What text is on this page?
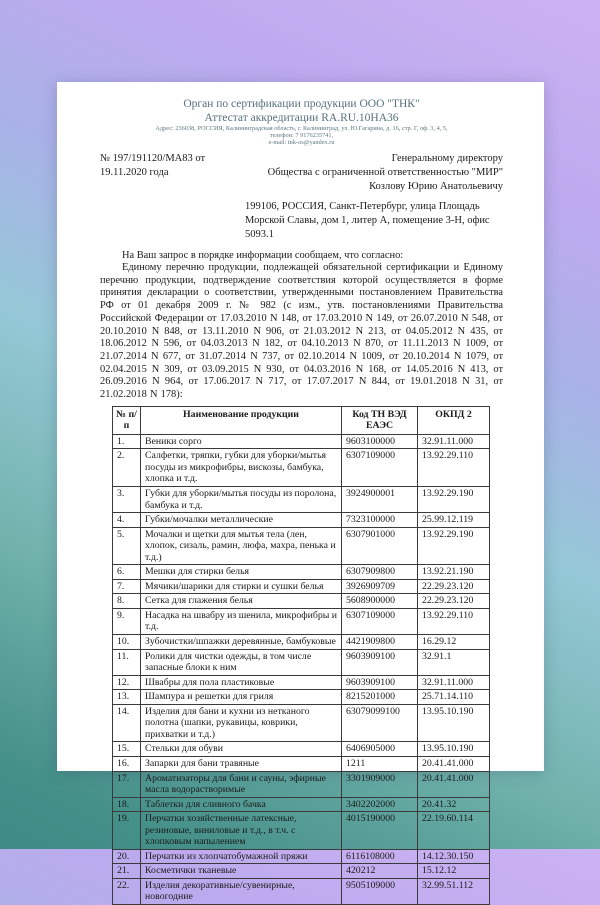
Орган по сертификации продукции ООО "ТНК"
Аттестат аккредитации RA.RU.10НА36
Адрес: 236038, РОССИЯ, Калининградская область, г. Калининград, ул. Ю.Гагарина, д. 16, стр. Г, оф. 3, 4, 5,
телефон: 7 9176235741,
e-mail: tnk-os@yandex.ru
№ 197/191120/МА83 от
19.11.2020 года
Генеральному директору
Общества с ограниченной ответственностью "МИР"
Козлову Юрию Анатольевичу
199106, РОССИЯ, Санкт-Петербург, улица Площадь Морской Славы, дом 1, литер А, помещение 3-Н, офис 5093.1

На Ваш запрос в порядке информации сообщаем, что согласно:

Единому перечню продукции, подлежащей обязательной сертификации и Единому перечню продукции, подтверждение соответствия которой осуществляется в форме принятия декларации о соответствии, утвержденными постановлением Правительства РФ от 01 декабря 2009 г. № 982 (с изм., утв. постановлениями Правительства Российской Федерации от 17.03.2010 N 148, от 17.03.2010 N 149, от 26.07.2010 N 548, от 20.10.2010 N 848, от 13.11.2010 N 906, от 21.03.2012 N 213, от 04.05.2012 N 435, от 18.06.2012 N 596, от 04.03.2013 N 182, от 04.10.2013 N 870, от 11.11.2013 N 1009, от 21.07.2014 N 677, от 31.07.2014 N 737, от 02.10.2014 N 1009, от 20.10.2014 N 1079, от 02.04.2015 N 309, от 03.09.2015 N 930, от 04.03.2016 N 168, от 14.05.2016 N 413, от 26.09.2016 N 964, от 17.06.2017 N 717, от 17.07.2017 N 844, от 19.01.2018 N 31, от 21.02.2018 N 178):

№ п/п	Наименование продукции	Код ТН ВЭД ЕАЭС	ОКПД 2
1.	Веники сорго	9603100000	32.91.11.000
2.	Салфетки, тряпки, губки для уборки/мытья посуды из микрофибры, вискозы, бамбука, хлопка и т.д.	6307109000	13.92.29.110
3.	Губки для уборки/мытья посуды из поролона, бамбука и т.д.	3924900001	13.92.29.190
4.	Губки/мочалки металлические	7323100000	25.99.12.119
5.	Мочалки и щетки для мытья тела (лен, хлопок, сизаль, рамин, люфа, махра, пенька и т.д.)	6307901000	13.92.29.190
6.	Мешки для стирки белья	6307909800	13.92.21.190
7.	Мячики/шарики для стирки и сушки белья	3926909709	22.29.23.120
8.	Сетка для глажения белья	5608900000	22.29.23.120
9.	Насадка на швабру из шенила, микрофибры и т.д.	6307109000	13.92.29.110
10.	Зубочистки/шпажки деревянные, бамбуковые	4421909800	16.29.12
11.	Ролики для чистки одежды, в том числе запасные блоки к ним	9603909100	32.91.1
12.	Швабры для пола пластиковые	9603909100	32.91.11.000
13.	Шампура и решетки для гриля	8215201000	25.71.14.110
14.	Изделия для бани и кухни из нетканого полотна (шапки, рукавицы, коврики, прихватки и т.д.)	63079099100	13.95.10.190
15.	Стельки для обуви	6406905000	13.95.10.190
16.	Запарки для бани травяные	1211	20.41.41.000
17.	Ароматизаторы для бани и сауны, эфирные масла водорастворимые	3301909000	20.41.41.000
18.	Таблетки для сливного бачка	3402202000	20.41.32
19.	Перчатки хозяйственные латексные, резиновые, виниловые и т.д., в т.ч. с хлопковым напылением	4015190000	22.19.60.114
20.	Перчатки из хлопчатобумажной пряжи	6116108000	14.12.30.150
21.	Косметички тканевые	420212	15.12.12
22.	Изделия декоративные/сувенирные, новогодние	9505109000	32.99.51.112
